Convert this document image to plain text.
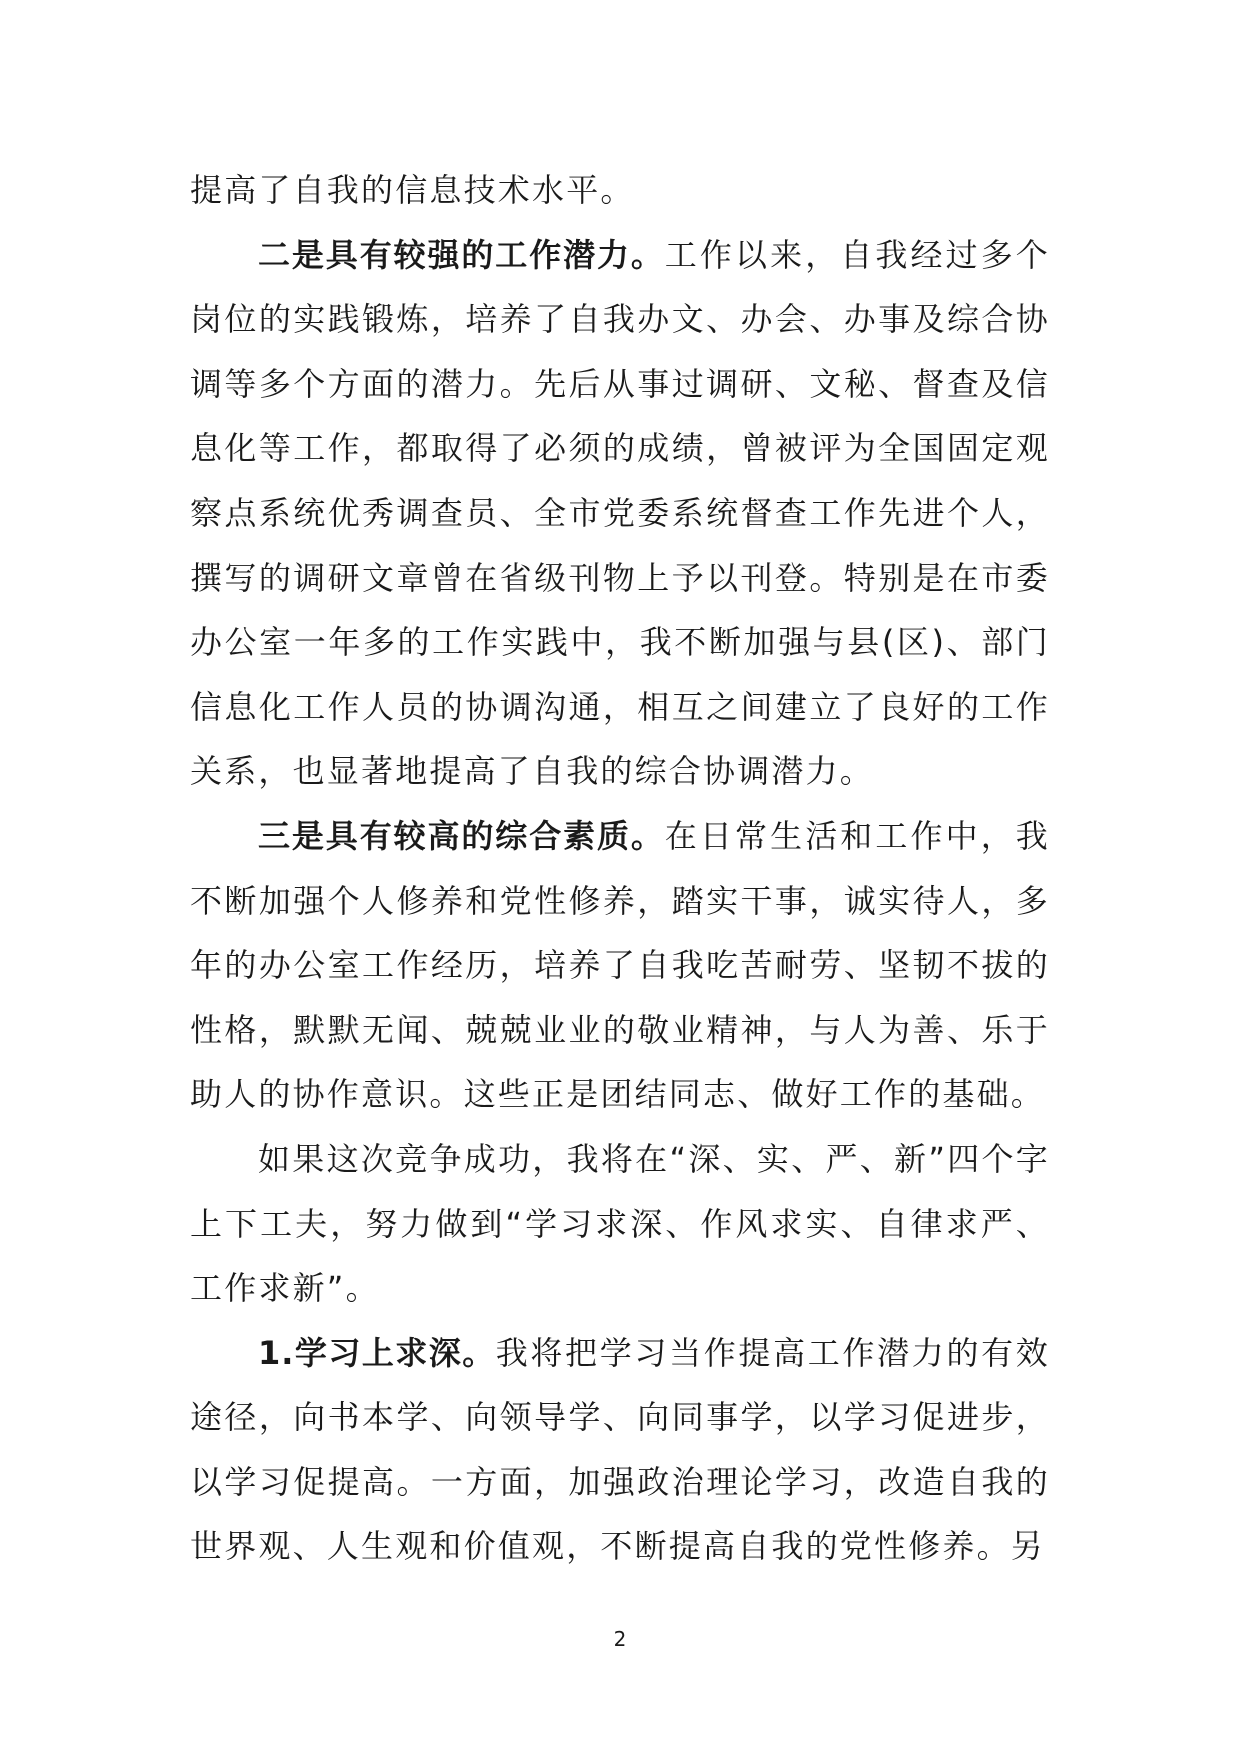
提高了自我的信息技术水平。

二是具有较强的工作潜力。工作以来，自我经过多个岗位的实践锻炼，培养了自我办文、办会、办事及综合协调等多个方面的潜力。先后从事过调研、文秘、督查及信息化等工作，都取得了必须的成绩，曾被评为全国固定观察点系统优秀调查员、全市党委系统督查工作先进个人，撰写的调研文章曾在省级刊物上予以刊登。特别是在市委办公室一年多的工作实践中，我不断加强与县(区)、部门信息化工作人员的协调沟通，相互之间建立了良好的工作关系，也显著地提高了自我的综合协调潜力。

三是具有较高的综合素质。在日常生活和工作中，我不断加强个人修养和党性修养，踏实干事，诚实待人，多年的办公室工作经历，培养了自我吃苦耐劳、坚韧不拔的性格，默默无闻、兢兢业业的敬业精神，与人为善、乐于助人的协作意识。这些正是团结同志、做好工作的基础。

如果这次竞争成功，我将在“深、实、严、新”四个字上下工夫，努力做到“学习求深、作风求实、自律求严、工作求新”。

1.学习上求深。我将把学习当作提高工作潜力的有效途径，向书本学、向领导学、向同事学，以学习促进步，以学习促提高。一方面，加强政治理论学习，改造自我的世界观、人生观和价值观，不断提高自我的党性修养。另

2
